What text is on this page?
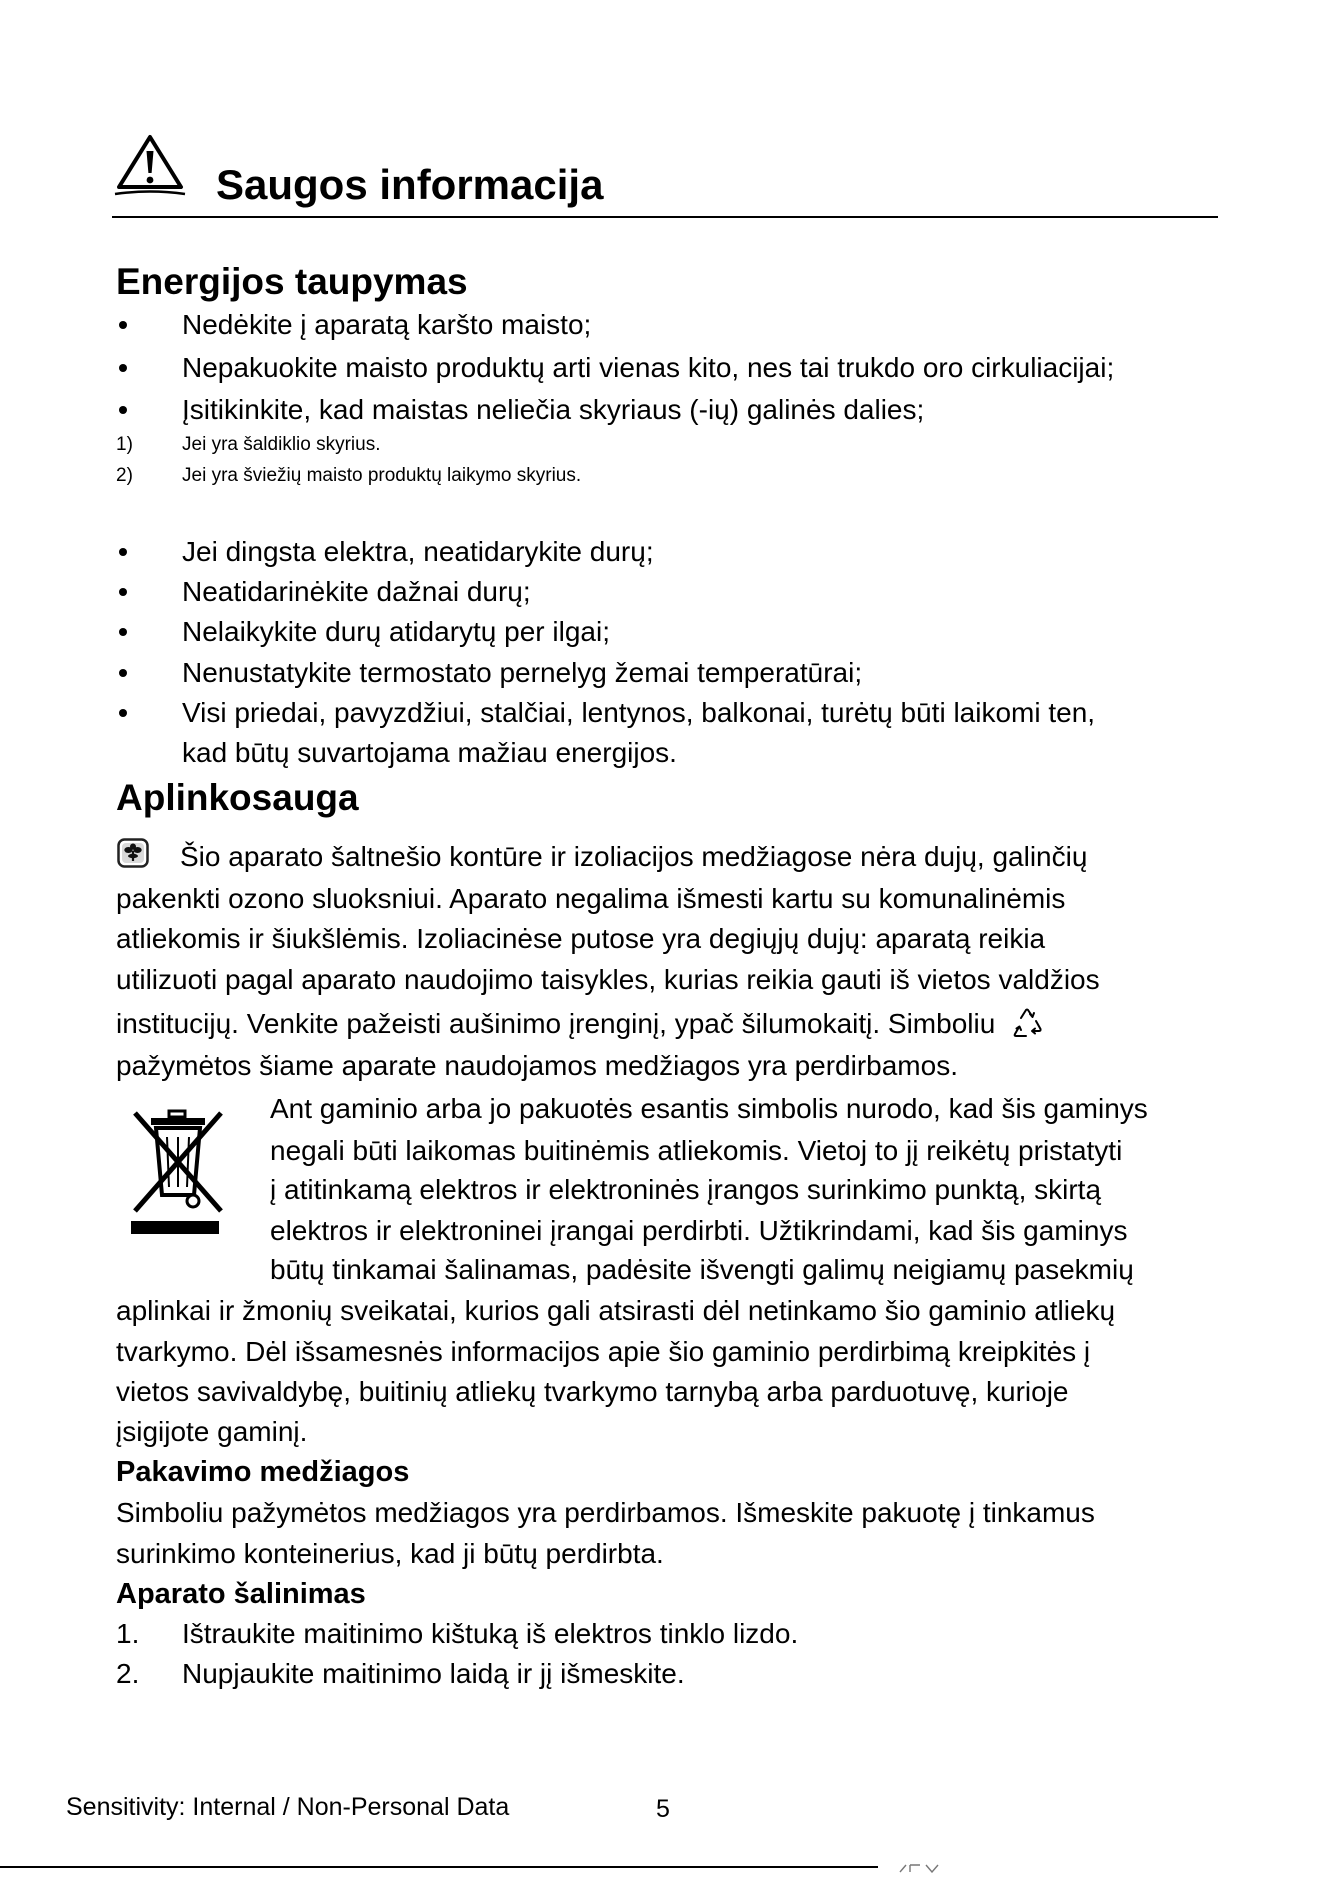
Saugos informacija
Energijos taupymas
Nedėkite į aparatą karšto maisto;
Nepakuokite maisto produktų arti vienas kito, nes tai trukdo oro cirkuliacijai;
Įsitikinkite, kad maistas neliečia skyriaus (-ių) galinės dalies;
1)	Jei yra šaldiklio skyrius.
2)	Jei yra šviežių maisto produktų laikymo skyrius.
Jei dingsta elektra, neatidarykite durų;
Neatidarinėkite dažnai durų;
Nelaikykite durų atidarytų per ilgai;
Nenustatykite termostato pernelyg žemai temperatūrai;
Visi priedai, pavyzdžiui, stalčiai, lentynos, balkonai, turėtų būti laikomi ten,
kad būtų suvartojama mažiau energijos.
Aplinkosauga
Šio aparato šaltnešio kontūre ir izoliacijos medžiagose nėra dujų, galinčių
pakenkti ozono sluoksniui. Aparato negalima išmesti kartu su komunalinėmis
atliekomis ir šiukšlėmis. Izoliacinėse putose yra degiųjų dujų: aparatą reikia
utilizuoti pagal aparato naudojimo taisykles, kurias reikia gauti iš vietos valdžios
institucijų. Venkite pažeisti aušinimo įrenginį, ypač šilumokaitį. Simboliu
pažymėtos šiame aparate naudojamos medžiagos yra perdirbamos.
Ant gaminio arba jo pakuotės esantis simbolis nurodo, kad šis gaminys
negali būti laikomas buitinėmis atliekomis. Vietoj to jį reikėtų pristatyti
į atitinkamą elektros ir elektroninės įrangos surinkimo punktą, skirtą
elektros ir elektroninei įrangai perdirbti. Užtikrindami, kad šis gaminys
būtų tinkamai šalinamas, padėsite išvengti galimų neigiamų pasekmių
aplinkai ir žmonių sveikatai, kurios gali atsirasti dėl netinkamo šio gaminio atliekų
tvarkymo. Dėl išsamesnės informacijos apie šio gaminio perdirbimą kreipkitės į
vietos savivaldybę, buitinių atliekų tvarkymo tarnybą arba parduotuvę, kurioje
įsigijote gaminį.
Pakavimo medžiagos
Simboliu pažymėtos medžiagos yra perdirbamos. Išmeskite pakuotę į tinkamus
surinkimo konteinerius, kad ji būtų perdirbta.
Aparato šalinimas
1. Ištraukite maitinimo kištuką iš elektros tinklo lizdo.
2. Nupjaukite maitinimo laidą ir jį išmeskite.
Sensitivity: Internal / Non-Personal Data	5
